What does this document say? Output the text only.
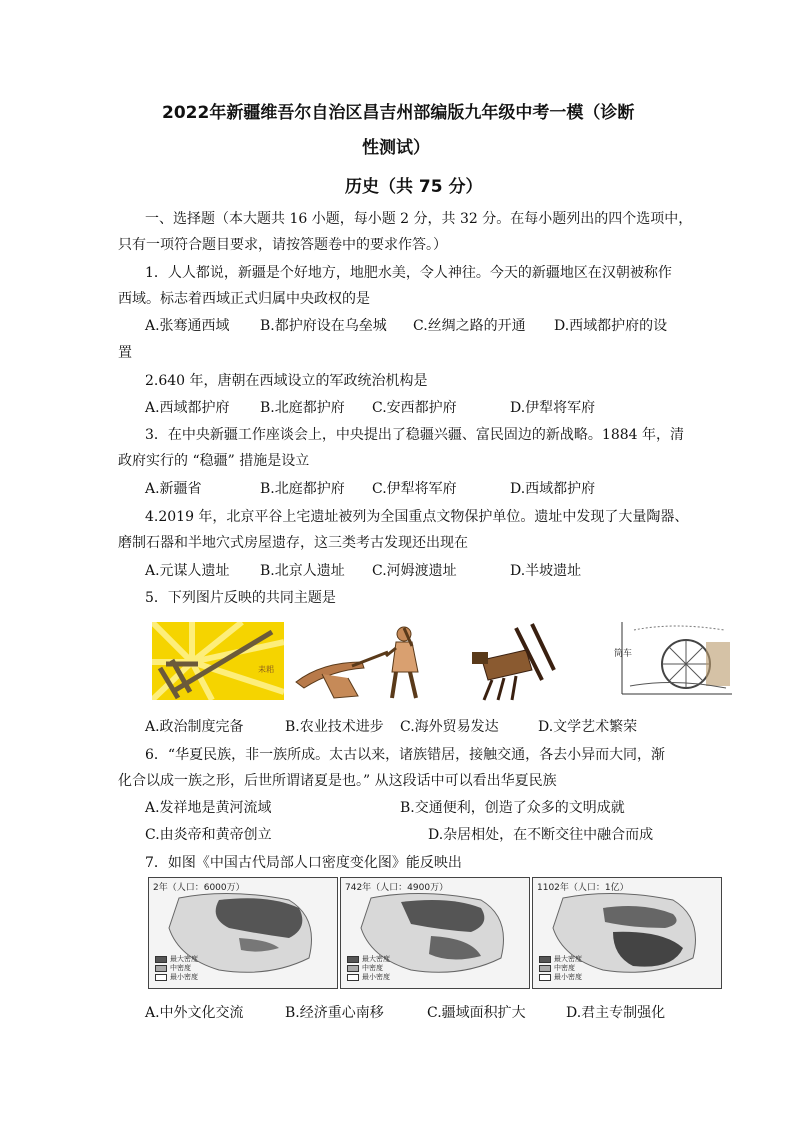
2022年新疆维吾尔自治区昌吉州部编版九年级中考一模（诊断
性测试）
历史（共 75 分）
一、选择题（本大题共 16 小题，每小题 2 分，共 32 分。在每小题列出的四个选项中，
只有一项符合题目要求，请按答题卷中的要求作答。）
1．人人都说，新疆是个好地方，地肥水美，令人神往。今天的新疆地区在汉朝被称作
西域。标志着西域正式归属中央政权的是
A.张骞通西域 B.都护府设在乌垒城 C.丝绸之路的开通 D.西域都护府的设
置
2.640 年，唐朝在西域设立的军政统治机构是
A.西域都护府 B.北庭都护府 C.安西都护府	D.伊犁将军府
3．在中央新疆工作座谈会上，中央提出了稳疆兴疆、富民固边的新战略。1884 年，清
政府实行的 “稳疆” 措施是设立
A.新疆省	B.北庭都护府 C.伊犁将军府	D.西域都护府
4.2019 年，北京平谷上宅遗址被列为全国重点文物保护单位。遗址中发现了大量陶器、
磨制石器和半地穴式房屋遗存，这三类考古发现还出现在
A.元谋人遗址 B.北京人遗址 C.河姆渡遗址	D.半坡遗址
5．下列图片反映的共同主题是
耒耜
筒车
A.政治制度完备	B.农业技术进步 C.海外贸易发达	D.文学艺术繁荣
6．“华夏民族，非一族所成。太古以来，诸族错居，接触交通，各去小异而大同，渐
化合以成一族之形，后世所谓诸夏是也。” 从这段话中可以看出华夏民族
A.发祥地是黄河流域	B.交通便利，创造了众多的文明成就
C.由炎帝和黄帝创立	D.杂居相处，在不断交往中融合而成
7．如图《中国古代局部人口密度变化图》能反映出
2年（人口：6000万）
最大密度
中密度
最小密度
742年（人口：4900万）
最大密度
中密度
最小密度
1102年（人口：1亿）
最大密度
中密度
最小密度
A.中外文化交流	B.经济重心南移	C.疆域面积扩大	D.君主专制强化
